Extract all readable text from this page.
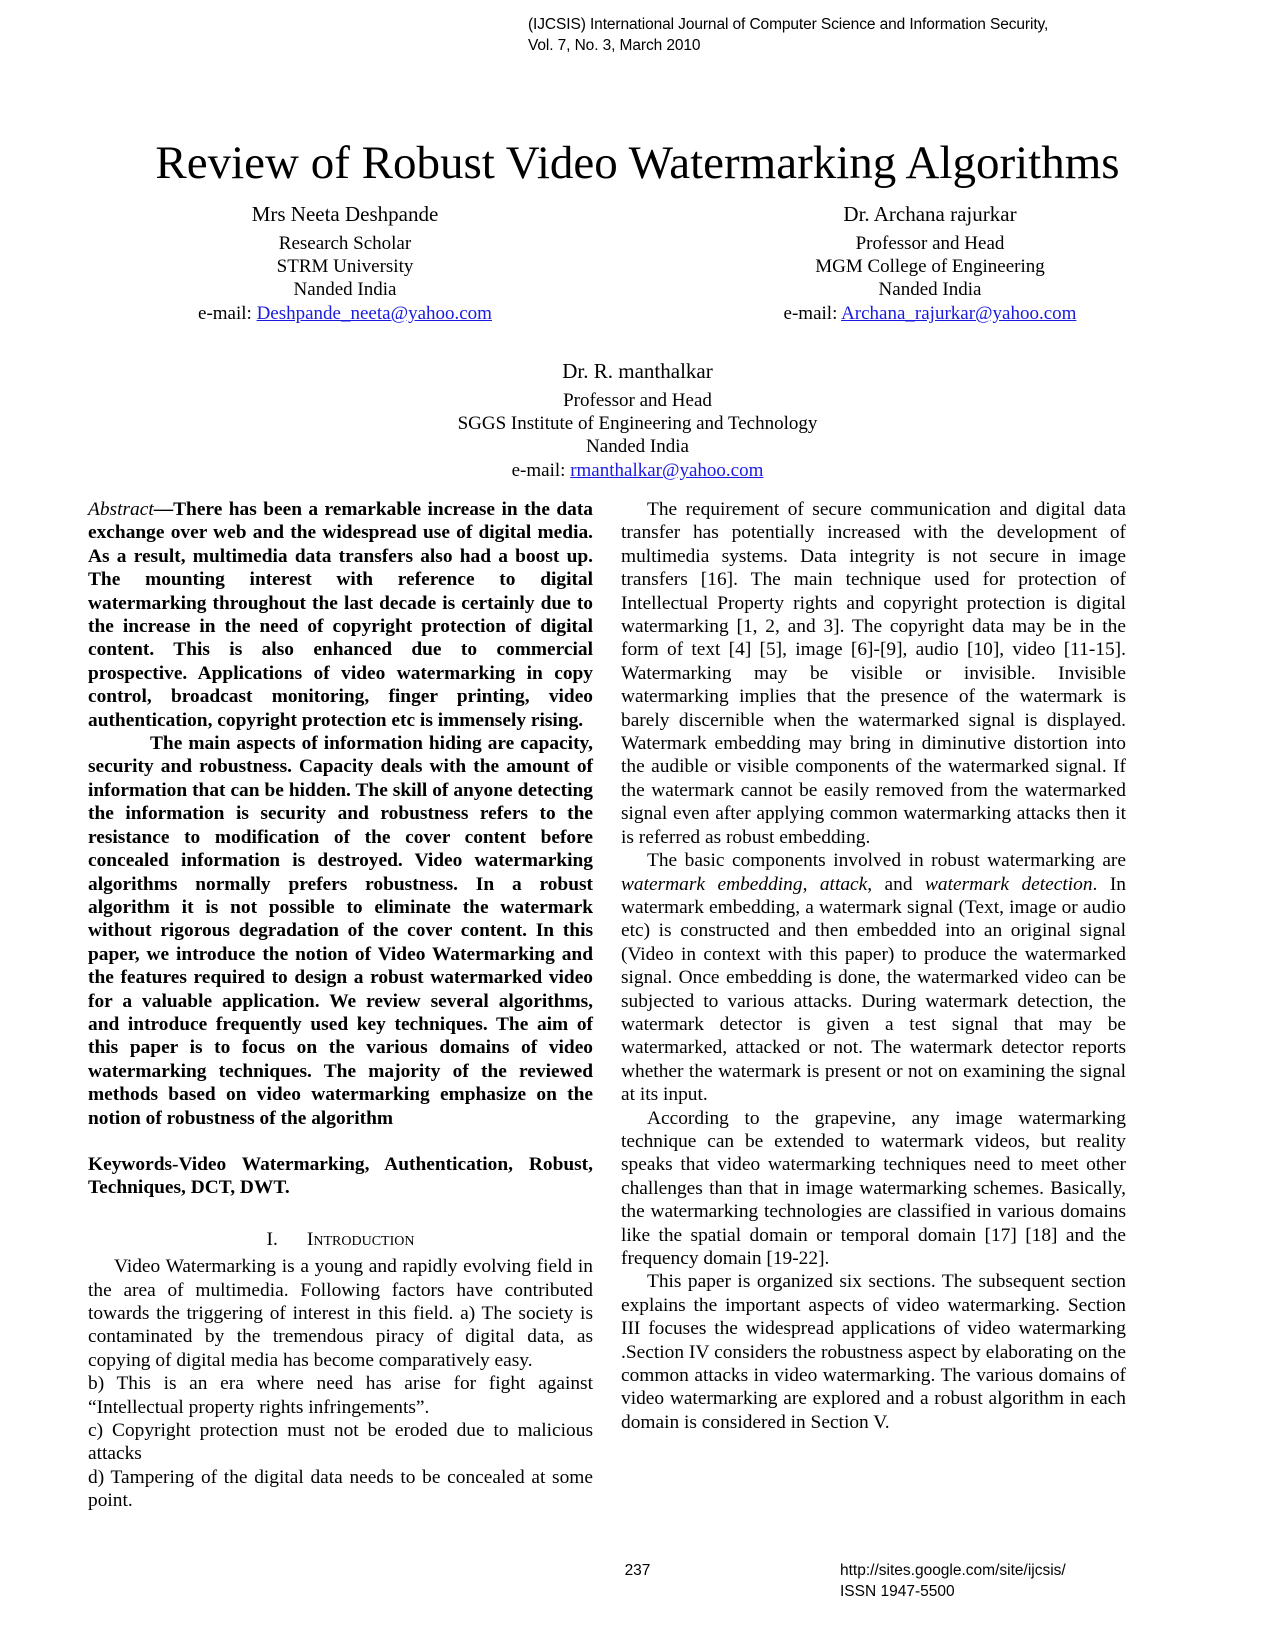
(IJCSIS) International Journal of Computer Science and Information Security,
Vol. 7, No. 3, March 2010
Review of Robust Video Watermarking Algorithms
Mrs Neeta Deshpande
Research Scholar
STRM University
Nanded India
e-mail: Deshpande_neeta@yahoo.com
Dr. Archana rajurkar
Professor and Head
MGM College of Engineering
Nanded India
e-mail: Archana_rajurkar@yahoo.com
Dr. R. manthalkar
Professor and Head
SGGS Institute of Engineering and Technology
Nanded India
e-mail: rmanthalkar@yahoo.com

Abstract—There has been a remarkable increase in the data exchange over web and the widespread use of digital media. As a result, multimedia data transfers also had a boost up. The mounting interest with reference to digital watermarking throughout the last decade is certainly due to the increase in the need of copyright protection of digital content. This is also enhanced due to commercial prospective. Applications of video watermarking in copy control, broadcast monitoring, finger printing, video authentication, copyright protection etc is immensely rising.

The main aspects of information hiding are capacity, security and robustness. Capacity deals with the amount of information that can be hidden. The skill of anyone detecting the information is security and robustness refers to the resistance to modification of the cover content before concealed information is destroyed. Video watermarking algorithms normally prefers robustness. In a robust algorithm it is not possible to eliminate the watermark without rigorous degradation of the cover content. In this paper, we introduce the notion of Video Watermarking and the features required to design a robust watermarked video for a valuable application. We review several algorithms, and introduce frequently used key techniques. The aim of this paper is to focus on the various domains of video watermarking techniques. The majority of the reviewed methods based on video watermarking emphasize on the notion of robustness of the algorithm

Keywords-Video Watermarking, Authentication, Robust, Techniques, DCT, DWT.

I. Introduction

Video Watermarking is a young and rapidly evolving field in the area of multimedia. Following factors have contributed towards the triggering of interest in this field. a) The society is contaminated by the tremendous piracy of digital data, as copying of digital media has become comparatively easy.

b) This is an era where need has arise for fight against “Intellectual property rights infringements”.

c) Copyright protection must not be eroded due to malicious attacks

d) Tampering of the digital data needs to be concealed at some point.

The requirement of secure communication and digital data transfer has potentially increased with the development of multimedia systems. Data integrity is not secure in image transfers [16]. The main technique used for protection of Intellectual Property rights and copyright protection is digital watermarking [1, 2, and 3]. The copyright data may be in the form of text [4] [5], image [6]-[9], audio [10], video [11-15]. Watermarking may be visible or invisible. Invisible watermarking implies that the presence of the watermark is barely discernible when the watermarked signal is displayed. Watermark embedding may bring in diminutive distortion into the audible or visible components of the watermarked signal. If the watermark cannot be easily removed from the watermarked signal even after applying common watermarking attacks then it is referred as robust embedding.

The basic components involved in robust watermarking are watermark embedding, attack, and watermark detection. In watermark embedding, a watermark signal (Text, image or audio etc) is constructed and then embedded into an original signal (Video in context with this paper) to produce the watermarked signal. Once embedding is done, the watermarked video can be subjected to various attacks. During watermark detection, the watermark detector is given a test signal that may be watermarked, attacked or not. The watermark detector reports whether the watermark is present or not on examining the signal at its input.

According to the grapevine, any image watermarking technique can be extended to watermark videos, but reality speaks that video watermarking techniques need to meet other challenges than that in image watermarking schemes. Basically, the watermarking technologies are classified in various domains like the spatial domain or temporal domain [17] [18] and the frequency domain [19-22].

This paper is organized six sections. The subsequent section explains the important aspects of video watermarking. Section III focuses the widespread applications of video watermarking .Section IV considers the robustness aspect by elaborating on the common attacks in video watermarking. The various domains of video watermarking are explored and a robust algorithm in each domain is considered in Section V.

237	http://sites.google.com/site/ijcsis/
ISSN 1947-5500
